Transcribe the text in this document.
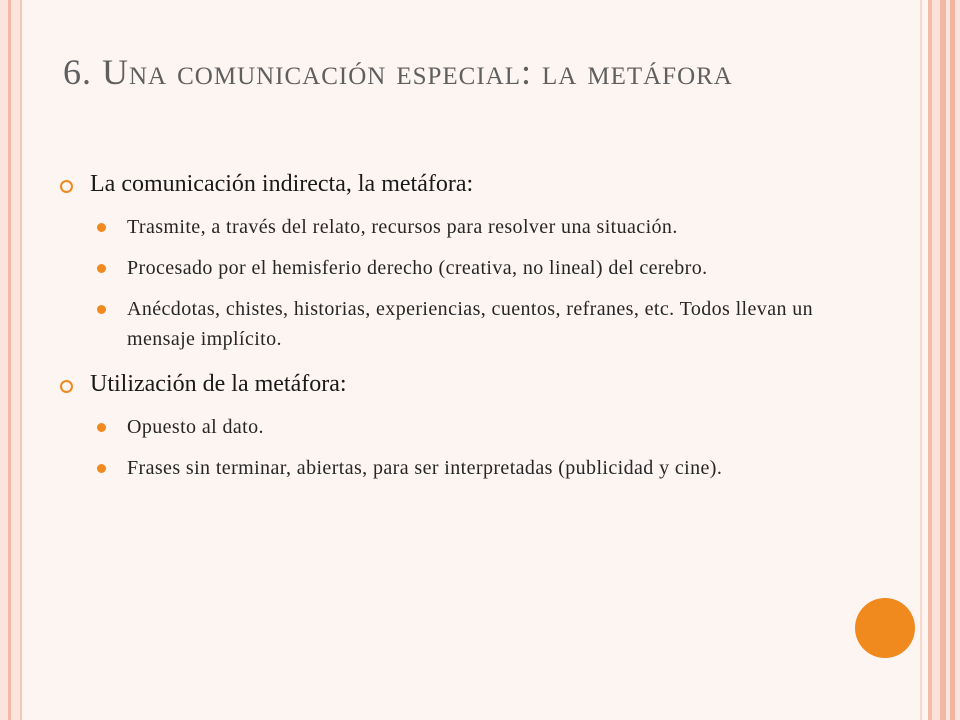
6. Una comunicación especial: la metáfora
La comunicación indirecta, la metáfora:
Trasmite, a través del relato, recursos para resolver una situación.
Procesado por el hemisferio derecho (creativa, no lineal) del cerebro.
Anécdotas, chistes, historias, experiencias, cuentos, refranes, etc. Todos llevan un mensaje implícito.
Utilización de la metáfora:
Opuesto al dato.
Frases sin terminar, abiertas, para ser interpretadas (publicidad y cine).
